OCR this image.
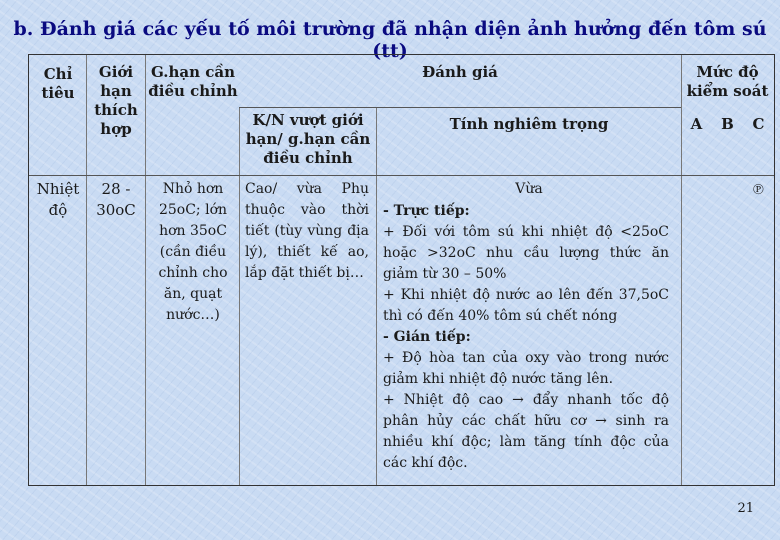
b. Đánh giá các yếu tố môi trường đã nhận diện ảnh hưởng đến tôm sú (tt)
Chỉ tiêu
Giới hạn thích hợp
G.hạn cần điều chỉnh
Đánh giá
K/N vượt giới hạn/ g.hạn cần điều chỉnh
Tính nghiêm trọng
Mức độ kiểm soát
A	B	C
Nhiệt độ
28 - 30oC
Nhỏ hơn 25oC; lớn hơn 35oC (cần điều chỉnh cho ăn, quạt nước…)
Cao/ vừa Phụ thuộc vào thời tiết (tùy vùng địa lý), thiết kế ao, lắp đặt thiết bị…
Vừa

- Trực tiếp:

+ Đối với tôm sú khi nhiệt độ <25oC hoặc >32oC nhu cầu lượng thức ăn giảm từ 30 – 50%

+ Khi nhiệt độ nước ao lên đến 37,5oC thì có đến 40% tôm sú chết nóng

- Gián tiếp:

+ Độ hòa tan của oxy vào trong nước giảm khi nhiệt độ nước tăng lên.

+ Nhiệt độ cao → đẩy nhanh tốc độ phân hủy các chất hữu cơ → sinh ra nhiều khí độc; làm tăng tính độc của các khí độc.

℗
21
